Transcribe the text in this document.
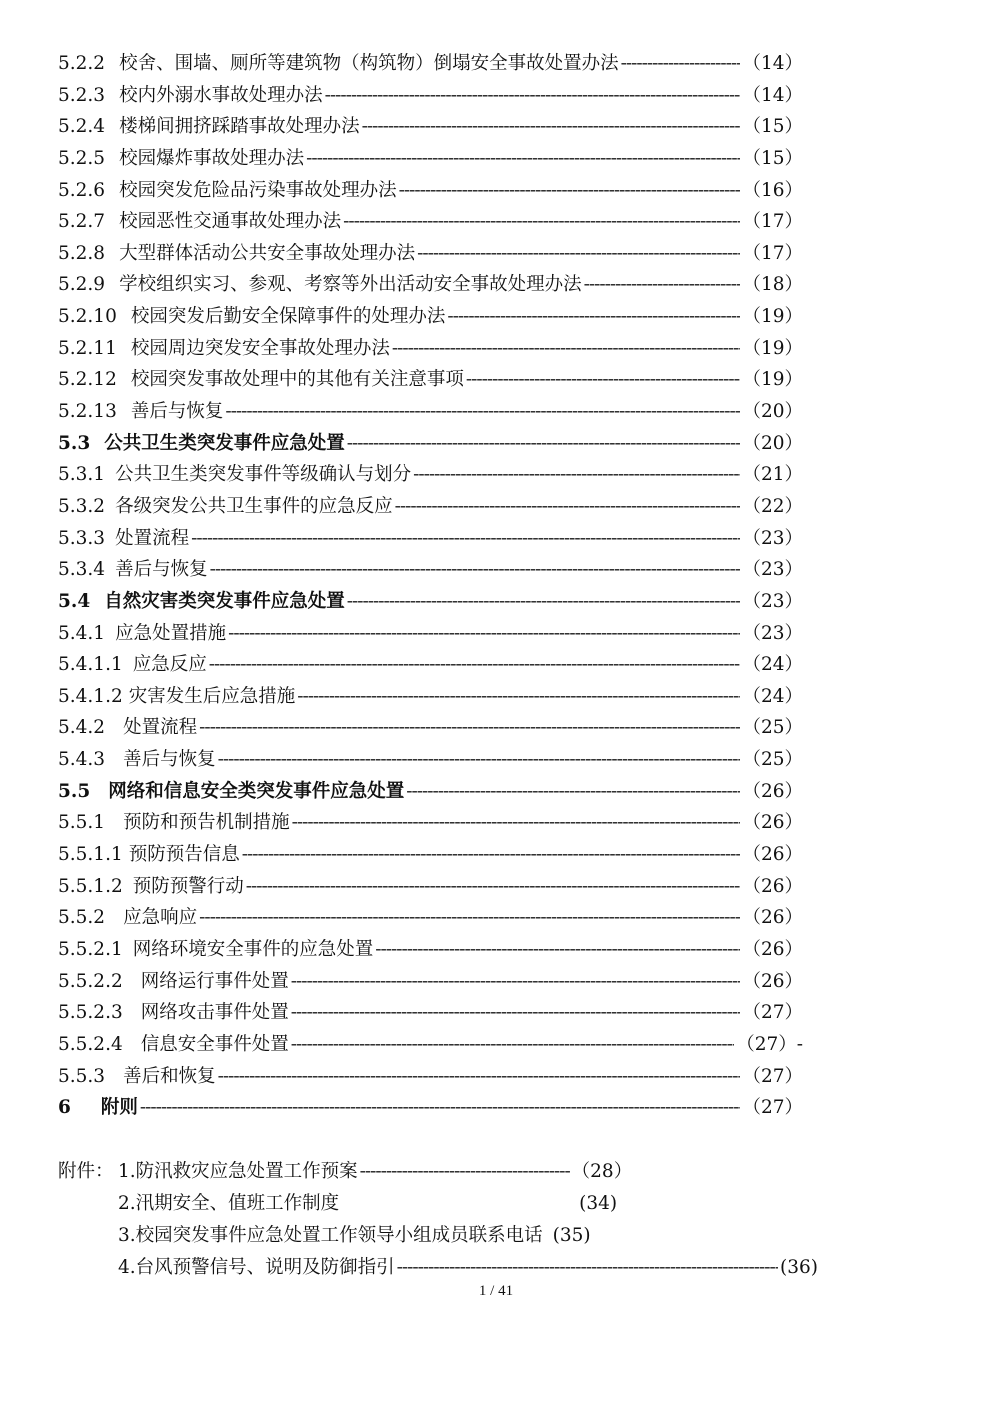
5.2.2 校舍、围墙、厕所等建筑物（构筑物）倒塌安全事故处置办法 -----	（14）
5.2.3 校内外溺水事故处理办法 -----	（14）
5.2.4 楼梯间拥挤踩踏事故处理办法 -----	（15）
5.2.5 校园爆炸事故处理办法 -----	（15）
5.2.6 校园突发危险品污染事故处理办法 -----	（16）
5.2.7 校园恶性交通事故处理办法 -----	（17）
5.2.8 大型群体活动公共安全事故处理办法 -----	（17）
5.2.9 学校组织实习、参观、考察等外出活动安全事故处理办法 -----	（18）
5.2.10 校园突发后勤安全保障事件的处理办法 -----	（19）
5.2.11 校园周边突发安全事故处理办法 -----	（19）
5.2.12 校园突发事故处理中的其他有关注意事项 -----	（19）
5.2.13 善后与恢复 -----	（20）
5.3 公共卫生类突发事件应急处置 -----	（20）
5.3.1 公共卫生类突发事件等级确认与划分 -----	（21）
5.3.2 各级突发公共卫生事件的应急反应 -----	（22）
5.3.3 处置流程 -----	（23）
5.3.4 善后与恢复 -----	（23）
5.4 自然灾害类突发事件应急处置 -----	（23）
5.4.1 应急处置措施 -----	（23）
5.4.1.1 应急反应 -----	（24）
5.4.1.2 灾害发生后应急措施 -----	（24）
5.4.2 处置流程 -----	（25）
5.4.3 善后与恢复 -----	（25）
5.5 网络和信息安全类突发事件应急处置 -----	（26）
5.5.1 预防和预告机制措施 -----	（26）
5.5.1.1 预防预告信息 -----	（26）
5.5.1.2 预防预警行动 -----	（26）
5.5.2 应急响应 -----	（26）
5.5.2.1 网络环境安全事件的应急处置 -----	（26）
5.5.2.2 网络运行事件处置 -----	（26）
5.5.2.3 网络攻击事件处置 -----	（27）
5.5.2.4 信息安全事件处置 -----	（27）-
5.5.3 善后和恢复 -----	（27）
6 附则 -----	（27）
附件： 1.防汛救灾应急处置工作预案 -----	（28）
2.汛期安全、值班工作制度	(34)
3.校园突发事件应急处置工作领导小组成员联系电话 (35)
4.台风预警信号、说明及防御指引 -----	(36)
1 / 41
